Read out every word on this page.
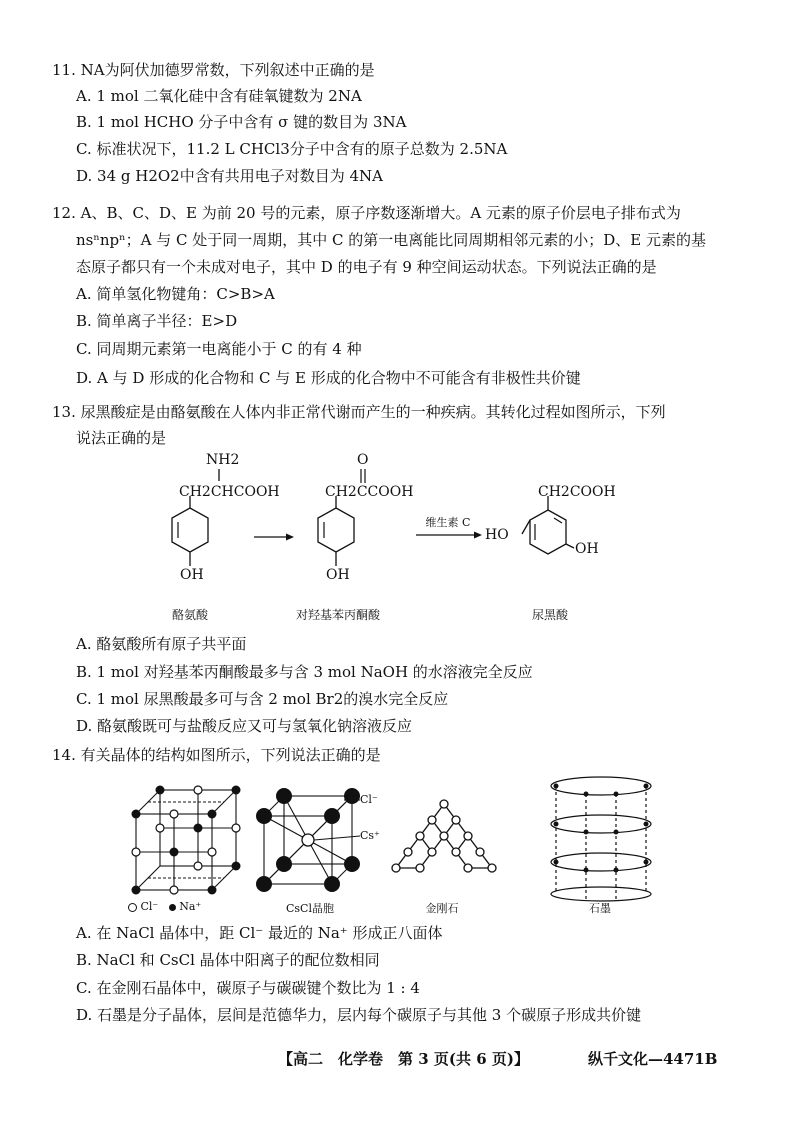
11. NA为阿伏加德罗常数，下列叙述中正确的是
A. 1 mol 二氧化硅中含有硅氧键数为 2NA
B. 1 mol HCHO 分子中含有 σ 键的数目为 3NA
C. 标准状况下，11.2 L CHCl3分子中含有的原子总数为 2.5NA
D. 34 g H2O2中含有共用电子对数目为 4NA
12. A、B、C、D、E 为前 20 号的元素，原子序数逐渐增大。A 元素的原子价层电子排布式为
nsⁿnpⁿ；A 与 C 处于同一周期，其中 C 的第一电离能比同周期相邻元素的小；D、E 元素的基
态原子都只有一个未成对电子，其中 D 的电子有 9 种空间运动状态。下列说法正确的是
A. 简单氢化物键角：C>B>A
B. 简单离子半径：E>D
C. 同周期元素第一电离能小于 C 的有 4 种
D. A 与 D 形成的化合物和 C 与 E 形成的化合物中不可能含有非极性共价键
13. 尿黑酸症是由酪氨酸在人体内非正常代谢而产生的一种疾病。其转化过程如图所示，下列
说法正确的是
NH2
CH2CHCOOH
OH
酪氨酸
O
CH2CCOOH
OH
对羟基苯丙酮酸
维生素 C
CH2COOH
HO
OH
尿黑酸
A. 酪氨酸所有原子共平面
B. 1 mol 对羟基苯丙酮酸最多与含 3 mol NaOH 的水溶液完全反应
C. 1 mol 尿黑酸最多可与含 2 mol Br2的溴水完全反应
D. 酪氨酸既可与盐酸反应又可与氢氧化钠溶液反应
14. 有关晶体的结构如图所示，下列说法正确的是
Cl⁻ Na⁺
Cl⁻
Cs⁺
CsCl晶胞	金刚石	石墨
A. 在 NaCl 晶体中，距 Cl⁻ 最近的 Na⁺ 形成正八面体
B. NaCl 和 CsCl 晶体中阳离子的配位数相同
C. 在金刚石晶体中，碳原子与碳碳键个数比为 1 : 4
D. 石墨是分子晶体，层间是范德华力，层内每个碳原子与其他 3 个碳原子形成共价键
【高二　化学卷　第 3 页(共 6 页)】	纵千文化—4471B
